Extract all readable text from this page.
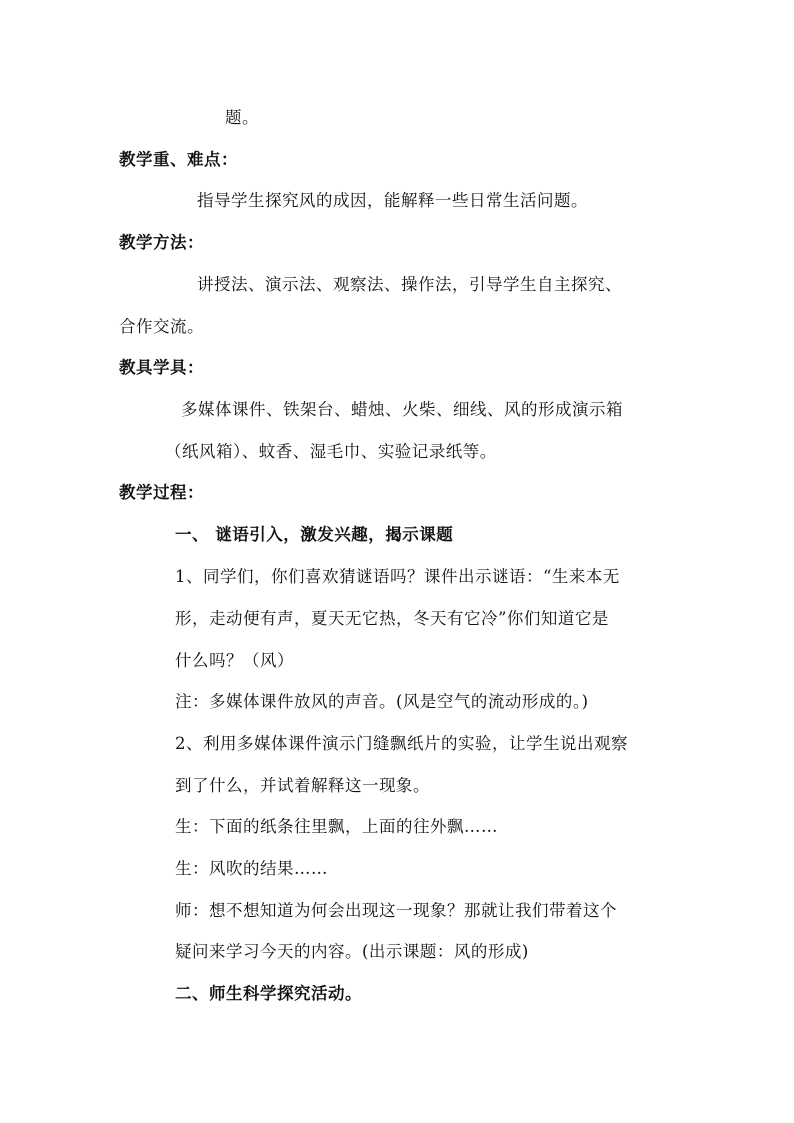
题。
教学重、难点：
指导学生探究风的成因，能解释一些日常生活问题。
教学方法：
讲授法、演示法、观察法、操作法，引导学生自主探究、
合作交流。
教具学具：
多媒体课件、铁架台、蜡烛、火柴、细线、风的形成演示箱
（纸风箱）、蚊香、湿毛巾、实验记录纸等。
教学过程：
一、 谜语引入，激发兴趣，揭示课题
1、同学们，你们喜欢猜谜语吗？课件出示谜语：“生来本无
形，走动便有声，夏天无它热，冬天有它冷”你们知道它是
什么吗？（风）
注：多媒体课件放风的声音。(风是空气的流动形成的。)
2、利用多媒体课件演示门缝飘纸片的实验，让学生说出观察
到了什么，并试着解释这一现象。
生：下面的纸条往里飘，上面的往外飘……
生：风吹的结果……
师：想不想知道为何会出现这一现象？那就让我们带着这个
疑问来学习今天的内容。(出示课题：风的形成)
二、师生科学探究活动。
